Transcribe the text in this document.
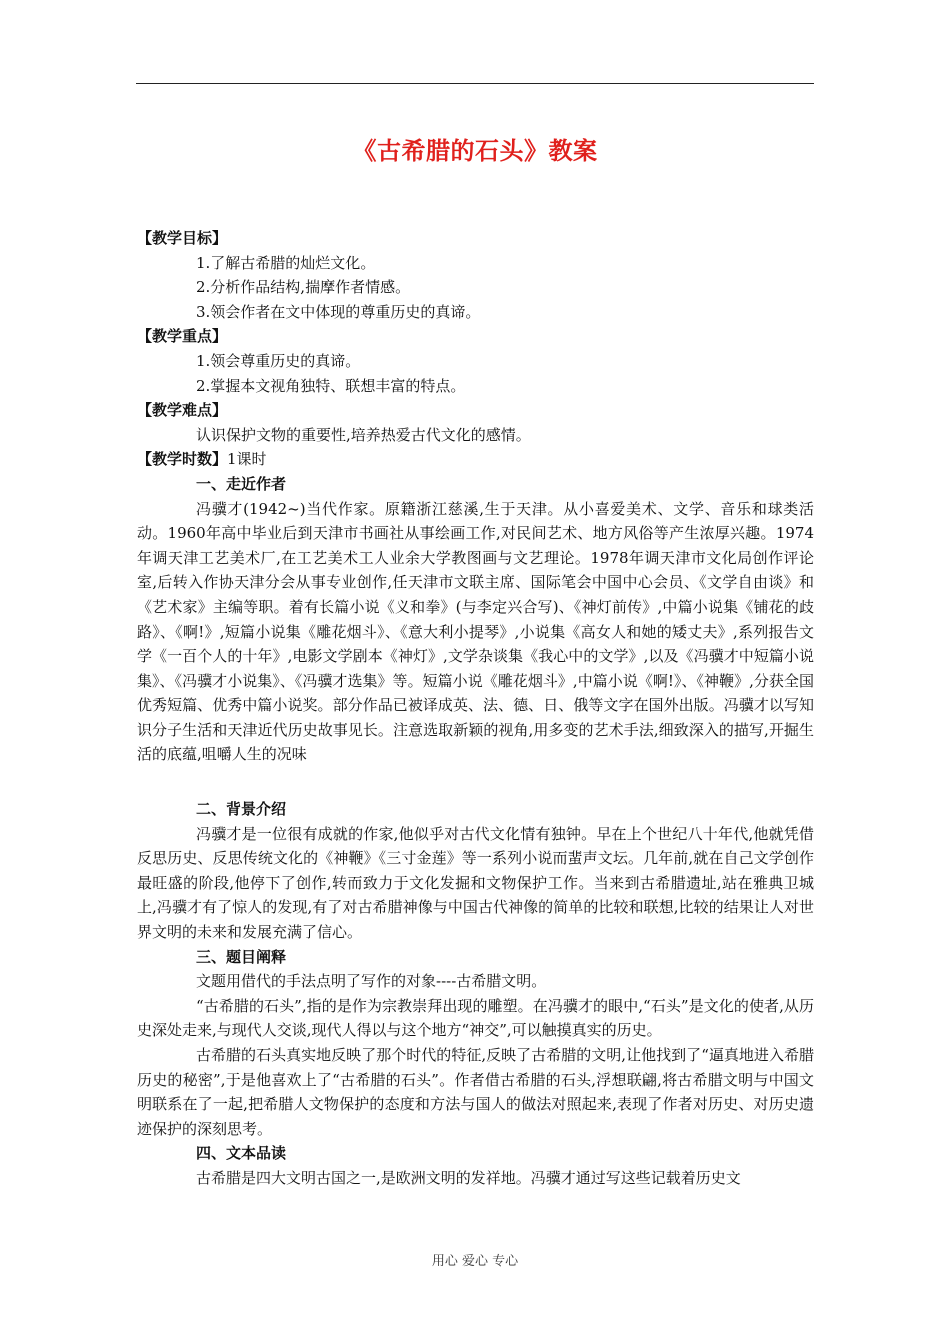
《古希腊的石头》教案
【教学目标】
1.了解古希腊的灿烂文化。
2.分析作品结构,揣摩作者情感。
3.领会作者在文中体现的尊重历史的真谛。
【教学重点】
1.领会尊重历史的真谛。
2.掌握本文视角独特、联想丰富的特点。
【教学难点】
认识保护文物的重要性,培养热爱古代文化的感情。
【教学时数】1课时
一、走近作者
冯骥才(1942~)当代作家。原籍浙江慈溪,生于天津。从小喜爱美术、文学、音乐和球类活动。1960年高中毕业后到天津市书画社从事绘画工作,对民间艺术、地方风俗等产生浓厚兴趣。1974年调天津工艺美术厂,在工艺美术工人业余大学教图画与文艺理论。1978年调天津市文化局创作评论室,后转入作协天津分会从事专业创作,任天津市文联主席、国际笔会中国中心会员、《文学自由谈》和《艺术家》主编等职。着有长篇小说《义和拳》(与李定兴合写)、《神灯前传》,中篇小说集《铺花的歧路》、《啊!》,短篇小说集《雕花烟斗》、《意大利小提琴》,小说集《高女人和她的矮丈夫》,系列报告文学《一百个人的十年》,电影文学剧本《神灯》,文学杂谈集《我心中的文学》,以及《冯骥才中短篇小说集》、《冯骥才小说集》、《冯骥才选集》等。短篇小说《雕花烟斗》,中篇小说《啊!》、《神鞭》,分获全国优秀短篇、优秀中篇小说奖。部分作品已被译成英、法、德、日、俄等文字在国外出版。冯骥才以写知识分子生活和天津近代历史故事见长。注意选取新颖的视角,用多变的艺术手法,细致深入的描写,开掘生活的底蕴,咀嚼人生的况味
二、背景介绍
冯骥才是一位很有成就的作家,他似乎对古代文化情有独钟。早在上个世纪八十年代,他就凭借反思历史、反思传统文化的《神鞭》《三寸金莲》等一系列小说而蜚声文坛。几年前,就在自己文学创作最旺盛的阶段,他停下了创作,转而致力于文化发掘和文物保护工作。当来到古希腊遗址,站在雅典卫城上,冯骥才有了惊人的发现,有了对古希腊神像与中国古代神像的简单的比较和联想,比较的结果让人对世界文明的未来和发展充满了信心。
三、题目阐释
文题用借代的手法点明了写作的对象----古希腊文明。
“古希腊的石头”,指的是作为宗教崇拜出现的雕塑。在冯骥才的眼中,“石头”是文化的使者,从历史深处走来,与现代人交谈,现代人得以与这个地方“神交”,可以触摸真实的历史。
古希腊的石头真实地反映了那个时代的特征,反映了古希腊的文明,让他找到了“逼真地进入希腊历史的秘密”,于是他喜欢上了“古希腊的石头”。作者借古希腊的石头,浮想联翩,将古希腊文明与中国文明联系在了一起,把希腊人文物保护的态度和方法与国人的做法对照起来,表现了作者对历史、对历史遗迹保护的深刻思考。
四、文本品读
古希腊是四大文明古国之一,是欧洲文明的发祥地。冯骥才通过写这些记载着历史文
用心 爱心 专心
